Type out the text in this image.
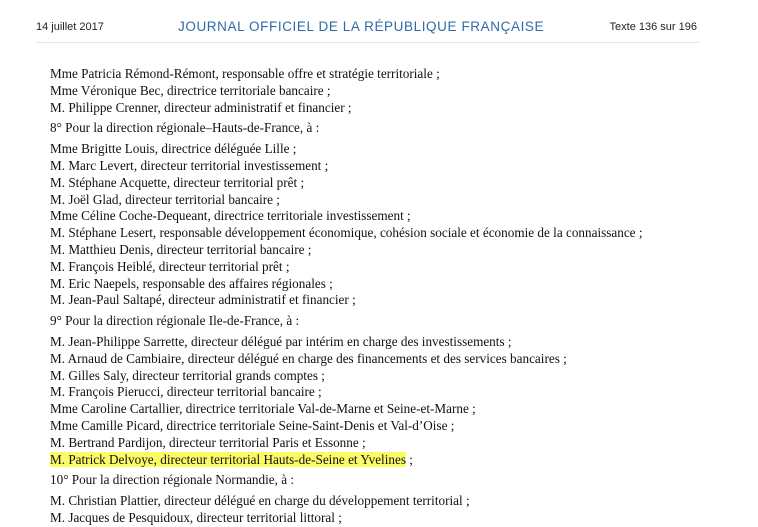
14 juillet 2017	JOURNAL OFFICIEL DE LA RÉPUBLIQUE FRANÇAISE	Texte 136 sur 196
Mme Patricia Rémond-Rémont, responsable offre et stratégie territoriale ;
Mme Véronique Bec, directrice territoriale bancaire ;
M. Philippe Crenner, directeur administratif et financier ;
8° Pour la direction régionale–Hauts-de-France, à :
Mme Brigitte Louis, directrice déléguée Lille ;
M. Marc Levert, directeur territorial investissement ;
M. Stéphane Acquette, directeur territorial prêt ;
M. Joël Glad, directeur territorial bancaire ;
Mme Céline Coche-Dequeant, directrice territoriale investissement ;
M. Stéphane Lesert, responsable développement économique, cohésion sociale et économie de la connaissance ;
M. Matthieu Denis, directeur territorial bancaire ;
M. François Heiblé, directeur territorial prêt ;
M. Eric Naepels, responsable des affaires régionales ;
M. Jean-Paul Saltapé, directeur administratif et financier ;
9° Pour la direction régionale Ile-de-France, à :
M. Jean-Philippe Sarrette, directeur délégué par intérim en charge des investissements ;
M. Arnaud de Cambiaire, directeur délégué en charge des financements et des services bancaires ;
M. Gilles Saly, directeur territorial grands comptes ;
M. François Pierucci, directeur territorial bancaire ;
Mme Caroline Cartallier, directrice territoriale Val-de-Marne et Seine-et-Marne ;
Mme Camille Picard, directrice territoriale Seine-Saint-Denis et Val-d’Oise ;
M. Bertrand Pardijon, directeur territorial Paris et Essonne ;
M. Patrick Delvoye, directeur territorial Hauts-de-Seine et Yvelines ;
10° Pour la direction régionale Normandie, à :
M. Christian Plattier, directeur délégué en charge du développement territorial ;
M. Jacques de Pesquidoux, directeur territorial littoral ;
